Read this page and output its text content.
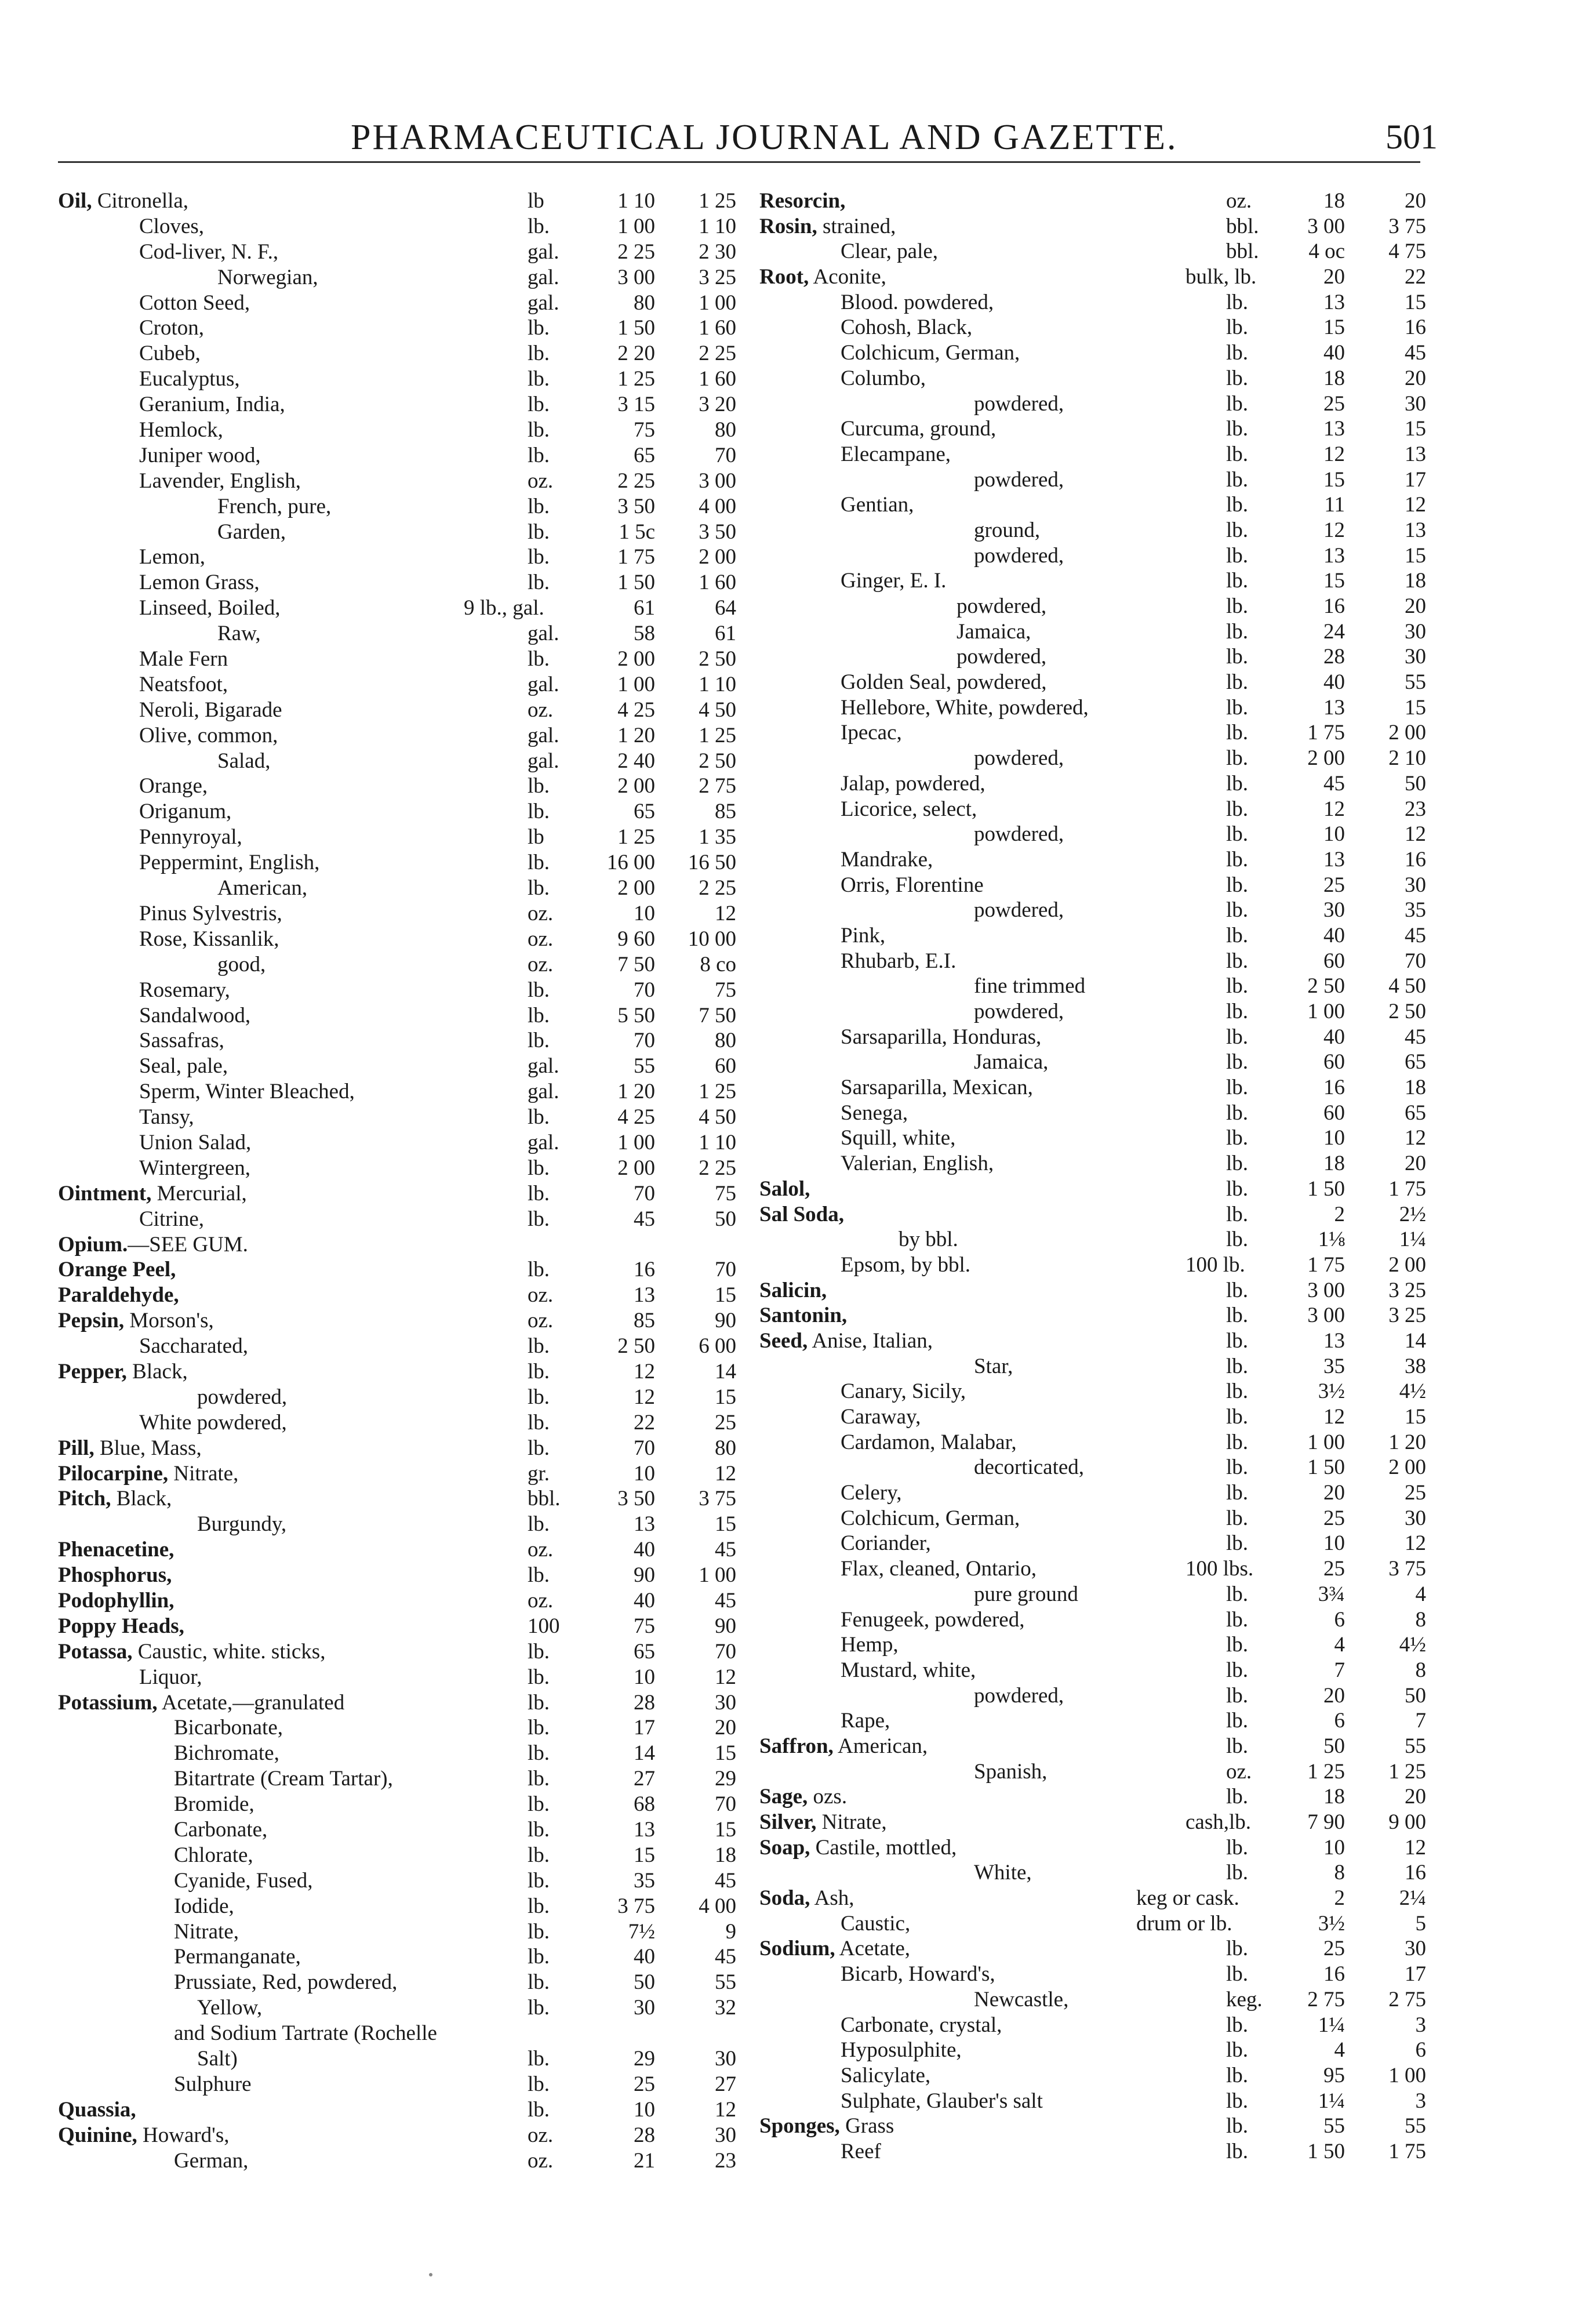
PHARMACEUTICAL JOURNAL AND GAZETTE.	501
Oil, Citronella,	lb	1 10	1 25
Cloves,	lb.	1 00	1 10
Cod-liver, N. F.,	gal.	2 25	2 30
Norwegian,	gal.	3 00	3 25
Cotton Seed,	gal.	80	1 00
Croton,	lb.	1 50	1 60
Cubeb,	lb.	2 20	2 25
Eucalyptus,	lb.	1 25	1 60
Geranium, India,	lb.	3 15	3 20
Hemlock,	lb.	75	80
Juniper wood,	lb.	65	70
Lavender, English,	oz.	2 25	3 00
French, pure,	lb.	3 50	4 00
Garden,	lb.	1 5c	3 50
Lemon,	lb.	1 75	2 00
Lemon Grass,	lb.	1 50	1 60
Linseed, Boiled,	9 lb., gal.	61	64
Raw,	gal.	58	61
Male Fern	lb.	2 00	2 50
Neatsfoot,	gal.	1 00	1 10
Neroli, Bigarade	oz.	4 25	4 50
Olive, common,	gal.	1 20	1 25
Salad,	gal.	2 40	2 50
Orange,	lb.	2 00	2 75
Origanum,	lb.	65	85
Pennyroyal,	lb	1 25	1 35
Peppermint, English,	lb.	16 00	16 50
American,	lb.	2 00	2 25
Pinus Sylvestris,	oz.	10	12
Rose, Kissanlik,	oz.	9 60	10 00
good,	oz.	7 50	8 co
Rosemary,	lb.	70	75
Sandalwood,	lb.	5 50	7 50
Sassafras,	lb.	70	80
Seal, pale,	gal.	55	60
Sperm, Winter Bleached,	gal.	1 20	1 25
Tansy,	lb.	4 25	4 50
Union Salad,	gal.	1 00	1 10
Wintergreen,	lb.	2 00	2 25
Ointment, Mercurial,	lb.	70	75
Citrine,	lb.	45	50
Opium.—SEE GUM.
Orange Peel,	lb.	16	70
Paraldehyde,	oz.	13	15
Pepsin, Morson's,	oz.	85	90
Saccharated,	lb.	2 50	6 00
Pepper, Black,	lb.	12	14
powdered,	lb.	12	15
White powdered,	lb.	22	25
Pill, Blue, Mass,	lb.	70	80
Pilocarpine, Nitrate,	gr.	10	12
Pitch, Black,	bbl.	3 50	3 75
Burgundy,	lb.	13	15
Phenacetine,	oz.	40	45
Phosphorus,	lb.	90	1 00
Podophyllin,	oz.	40	45
Poppy Heads,	100	75	90
Potassa, Caustic, white. sticks,	lb.	65	70
Liquor,	lb.	10	12
Potassium, Acetate,—granulated	lb.	28	30
Bicarbonate,	lb.	17	20
Bichromate,	lb.	14	15
Bitartrate (Cream Tartar),	lb.	27	29
Bromide,	lb.	68	70
Carbonate,	lb.	13	15
Chlorate,	lb.	15	18
Cyanide, Fused,	lb.	35	45
Iodide,	lb.	3 75	4 00
Nitrate,	lb.	7½	9
Permanganate,	lb.	40	45
Prussiate, Red, powdered,	lb.	50	55
Yellow,	lb.	30	32
and Sodium Tartrate (Rochelle
Salt)	lb.	29	30
Sulphure	lb.	25	27
Quassia,	lb.	10	12
Quinine, Howard's,	oz.	28	30
German,	oz.	21	23
Resorcin,	oz.	18	20
Rosin, strained,	bbl.	3 00	3 75
Clear, pale,	bbl.	4 oc	4 75
Root, Aconite,	bulk, lb.	20	22
Blood. powdered,	lb.	13	15
Cohosh, Black,	lb.	15	16
Colchicum, German,	lb.	40	45
Columbo,	lb.	18	20
powdered,	lb.	25	30
Curcuma, ground,	lb.	13	15
Elecampane,	lb.	12	13
powdered,	lb.	15	17
Gentian,	lb.	11	12
ground,	lb.	12	13
powdered,	lb.	13	15
Ginger, E. I.	lb.	15	18
powdered,	lb.	16	20
Jamaica,	lb.	24	30
powdered,	lb.	28	30
Golden Seal, powdered,	lb.	40	55
Hellebore, White, powdered,	lb.	13	15
Ipecac,	lb.	1 75	2 00
powdered,	lb.	2 00	2 10
Jalap, powdered,	lb.	45	50
Licorice, select,	lb.	12	23
powdered,	lb.	10	12
Mandrake,	lb.	13	16
Orris, Florentine	lb.	25	30
powdered,	lb.	30	35
Pink,	lb.	40	45
Rhubarb, E.I.	lb.	60	70
fine trimmed	lb.	2 50	4 50
powdered,	lb.	1 00	2 50
Sarsaparilla, Honduras,	lb.	40	45
Jamaica,	lb.	60	65
Sarsaparilla, Mexican,	lb.	16	18
Senega,	lb.	60	65
Squill, white,	lb.	10	12
Valerian, English,	lb.	18	20
Salol,	lb.	1 50	1 75
Sal Soda,	lb.	2	2½
by bbl.	lb.	1⅛	1¼
Epsom, by bbl.	100 lb.	1 75	2 00
Salicin,	lb.	3 00	3 25
Santonin,	lb.	3 00	3 25
Seed, Anise, Italian,	lb.	13	14
Star,	lb.	35	38
Canary, Sicily,	lb.	3½	4½
Caraway,	lb.	12	15
Cardamon, Malabar,	lb.	1 00	1 20
decorticated,	lb.	1 50	2 00
Celery,	lb.	20	25
Colchicum, German,	lb.	25	30
Coriander,	lb.	10	12
Flax, cleaned, Ontario,	100 lbs.	25	3 75
pure ground	lb.	3¾	4
Fenugeek, powdered,	lb.	6	8
Hemp,	lb.	4	4½
Mustard, white,	lb.	7	8
powdered,	lb.	20	50
Rape,	lb.	6	7
Saffron, American,	lb.	50	55
Spanish,	oz.	1 25	1 25
Sage, ozs.	lb.	18	20
Silver, Nitrate,	cash,lb.	7 90	9 00
Soap, Castile, mottled,	lb.	10	12
White,	lb.	8	16
Soda, Ash,	keg or cask.	2	2¼
Caustic,	drum or lb.	3½	5
Sodium, Acetate,	lb.	25	30
Bicarb, Howard's,	lb.	16	17
Newcastle,	keg.	2 75	2 75
Carbonate, crystal,	lb.	1¼	3
Hyposulphite,	lb.	4	6
Salicylate,	lb.	95	1 00
Sulphate, Glauber's salt	lb.	1¼	3
Sponges, Grass	lb.	55	55
Reef	lb.	1 50	1 75
